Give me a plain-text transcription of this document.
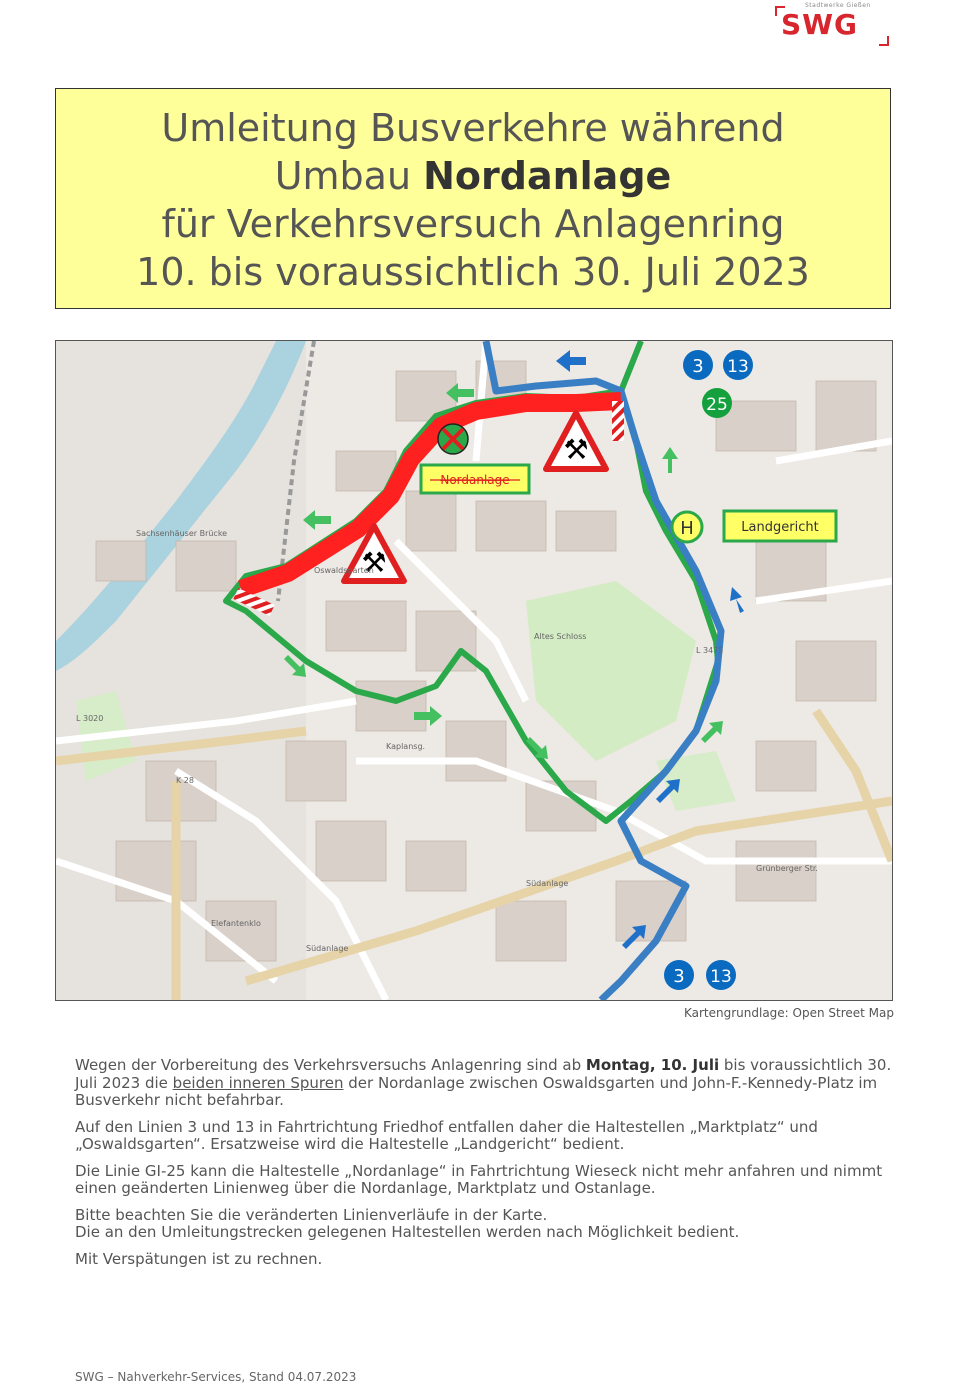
Stadtwerke Gießen
SWG
Umleitung Busverkehre während
Umbau Nordanlage
für Verkehrsversuch Anlagenring
10. bis voraussichtlich 30. Juli 2023
⚒
⚒
H	Landgericht
Nordanlage
3 13
25
3 13
Sachsenhäuser Brücke
Elefantenklo
Altes Schloss
Oswaldsgarten
Kaplansg.
Südanlage
Grünberger Str.
Südanlage
L 3020
K 28
L 3475
Kartengrundlage: Open Street Map

Wegen der Vorbereitung des Verkehrsversuchs Anlagenring sind ab Montag, 10. Juli bis voraussichtlich 30. Juli 2023 die beiden inneren Spuren der Nordanlage zwischen Oswaldsgarten und John-F.-Kennedy-Platz im Busverkehr nicht befahrbar.

Auf den Linien 3 und 13 in Fahrtrichtung Friedhof entfallen daher die Haltestellen „Marktplatz“ und „Oswaldsgarten“. Ersatzweise wird die Haltestelle „Landgericht“ bedient.

Die Linie GI-25 kann die Haltestelle „Nordanlage“ in Fahrtrichtung Wieseck nicht mehr anfahren und nimmt einen geänderten Linienweg über die Nordanlage, Marktplatz und Ostanlage.

Bitte beachten Sie die veränderten Linienverläufe in der Karte.
Die an den Umleitungstrecken gelegenen Haltestellen werden nach Möglichkeit bedient.

Mit Verspätungen ist zu rechnen.

SWG – Nahverkehr-Services, Stand 04.07.2023
